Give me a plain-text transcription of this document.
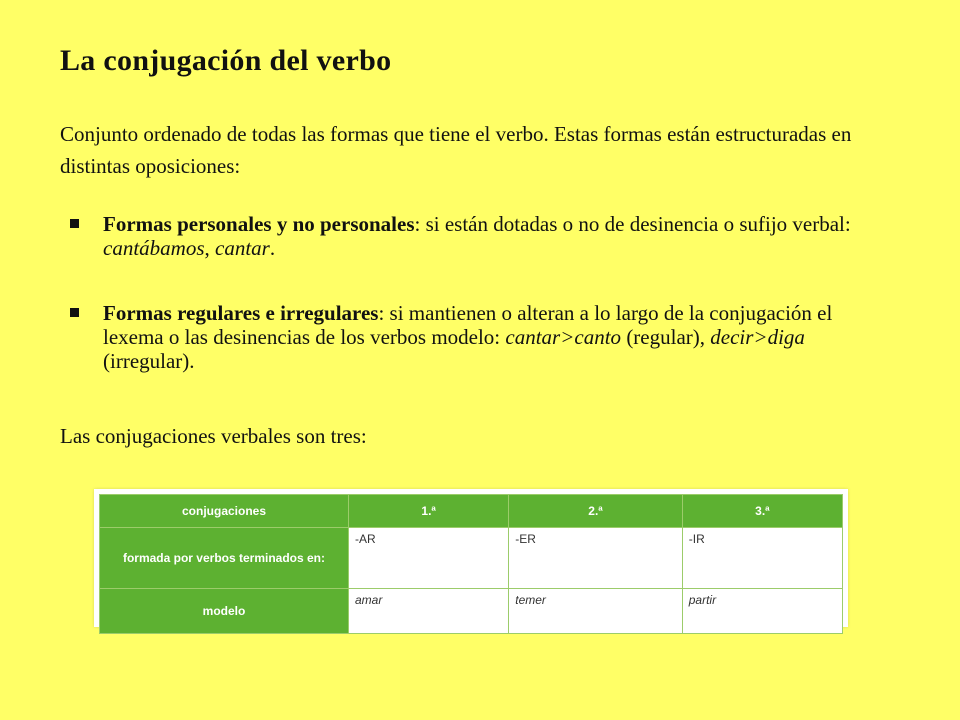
La conjugación del verbo

Conjunto ordenado de todas las formas que tiene el verbo. Estas formas están estructuradas en distintas oposiciones:

Formas personales y no personales: si están dotadas o no de desinencia o sufijo verbal: cantábamos, cantar.
Formas regulares e irregulares: si mantienen o alteran a lo largo de la conjugación el lexema o las desinencias de los verbos modelo: cantar>canto (regular), decir>diga (irregular).

Las conjugaciones verbales son tres:

conjugaciones	1.ª	2.ª	3.ª
formada por verbos terminados en:	-AR	-ER	-IR
modelo	amar	temer	partir
